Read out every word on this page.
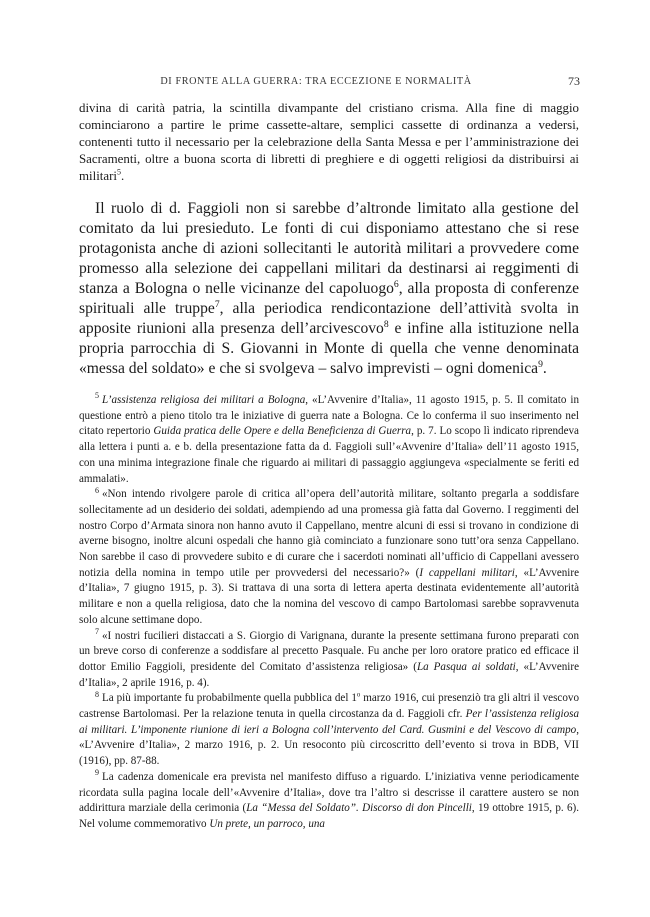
DI FRONTE ALLA GUERRA: TRA ECCEZIONE E NORMALITÀ	73

divina di carità patria, la scintilla divampante del cristiano crisma. Alla fine di maggio cominciarono a partire le prime cassette-altare, semplici cassette di ordinanza a vedersi, contenenti tutto il necessario per la celebrazione della Santa Messa e per l’amministrazione dei Sacramenti, oltre a buona scorta di libretti di preghiere e di oggetti religiosi da distribuirsi ai militari$^5$.

Il ruolo di d. Faggioli non si sarebbe d’altronde limitato alla gestione del comitato da lui presieduto. Le fonti di cui disponiamo attestano che si rese protagonista anche di azioni sollecitanti le autorità militari a provvedere come promesso alla selezione dei cappellani militari da destinarsi ai reggimenti di stanza a Bologna o nelle vicinanze del capoluogo$^6$, alla proposta di conferenze spirituali alle truppe$^7$, alla periodica rendicontazione dell’attività svolta in apposite riunioni alla presenza dell’arcivescovo$^8$ e infine alla istituzione nella propria parrocchia di S. Giovanni in Monte di quella che venne denominata «messa del soldato» e che si svolgeva – salvo imprevisti – ogni domenica$^9$.

$^5$ L’assistenza religiosa dei militari a Bologna, «L’Avvenire d’Italia», 11 agosto 1915, p. 5. Il comitato in questione entrò a pieno titolo tra le iniziative di guerra nate a Bologna. Ce lo conferma il suo inserimento nel citato repertorio Guida pratica delle Opere e della Beneficienza di Guerra, p. 7. Lo scopo lì indicato riprendeva alla lettera i punti a. e b. della presentazione fatta da d. Faggioli sull’«Avvenire d’Italia» dell’11 agosto 1915, con una minima integrazione finale che riguardo ai militari di passaggio aggiungeva «specialmente se feriti ed ammalati».

$^6$ «Non intendo rivolgere parole di critica all’opera dell’autorità militare, soltanto pregarla a soddisfare sollecitamente ad un desiderio dei soldati, adempiendo ad una promessa già fatta dal Governo. I reggimenti del nostro Corpo d’Armata sinora non hanno avuto il Cappellano, mentre alcuni di essi si trovano in condizione di averne bisogno, inoltre alcuni ospedali che hanno già cominciato a funzionare sono tutt’ora senza Cappellano. Non sarebbe il caso di provvedere subito e di curare che i sacerdoti nominati all’ufficio di Cappellani avessero notizia della nomina in tempo utile per provvedersi del necessario?» (I cappellani militari, «L’Avvenire d’Italia», 7 giugno 1915, p. 3). Si trattava di una sorta di lettera aperta destinata evidentemente all’autorità militare e non a quella religiosa, dato che la nomina del vescovo di campo Bartolomasi sarebbe sopravvenuta solo alcune settimane dopo.

$^7$ «I nostri fucilieri distaccati a S. Giorgio di Varignana, durante la presente settimana furono preparati con un breve corso di conferenze a soddisfare al precetto Pasquale. Fu anche per loro oratore pratico ed efficace il dottor Emilio Faggioli, presidente del Comitato d’assistenza religiosa» (La Pasqua ai soldati, «L’Avvenire d’Italia», 2 aprile 1916, p. 4).

$^8$ La più importante fu probabilmente quella pubblica del 1$^o$ marzo 1916, cui presenziò tra gli altri il vescovo castrense Bartolomasi. Per la relazione tenuta in quella circostanza da d. Faggioli cfr. Per l’assistenza religiosa ai militari. L’imponente riunione di ieri a Bologna coll’intervento del Card. Gusmini e del Vescovo di campo, «L’Avvenire d’Italia», 2 marzo 1916, p. 2. Un resoconto più circoscritto dell’evento si trova in BDB, VII (1916), pp. 87-88.

$^9$ La cadenza domenicale era prevista nel manifesto diffuso a riguardo. L’iniziativa venne periodicamente ricordata sulla pagina locale dell’«Avvenire d’Italia», dove tra l’altro si descrisse il carattere austero se non addirittura marziale della cerimonia (La “Messa del Soldato”. Discorso di don Pincelli, 19 ottobre 1915, p. 6). Nel volume commemorativo Un prete, un parroco, una
